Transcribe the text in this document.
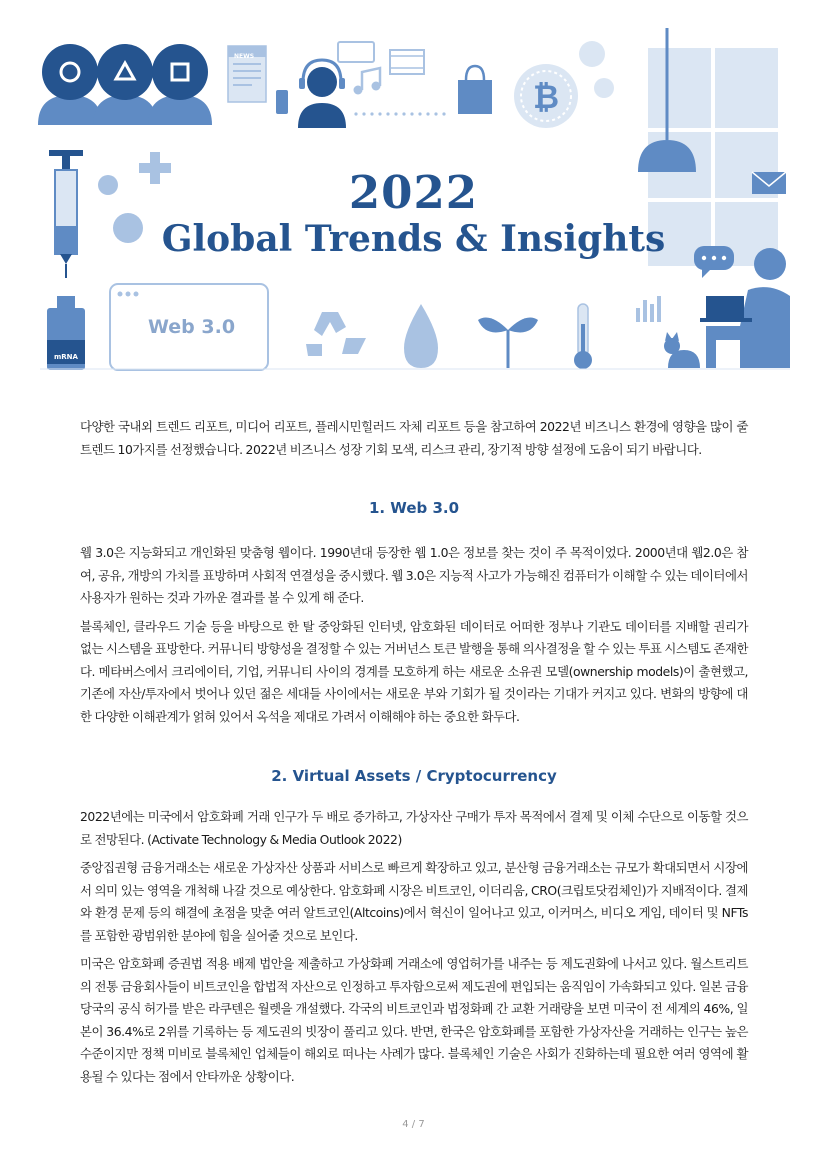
₿
NEWS
2022
Global Trends & Insights
Web 3.0
mRNA

다양한 국내외 트렌드 리포트, 미디어 리포트, 플레시민힐러드 자체 리포트 등을 참고하여 2022년 비즈니스 환경에 영향을 많이 줄 트렌드 10가지를 선정했습니다. 2022년 비즈니스 성장 기회 모색, 리스크 관리, 장기적 방향 설정에 도움이 되기 바랍니다.

1. Web 3.0

웹 3.0은 지능화되고 개인화된 맞춤형 웹이다. 1990년대 등장한 웹 1.0은 정보를 찾는 것이 주 목적이었다. 2000년대 웹2.0은 참여, 공유, 개방의 가치를 표방하며 사회적 연결성을 중시했다. 웹 3.0은 지능적 사고가 가능해진 컴퓨터가 이해할 수 있는 데이터에서 사용자가 원하는 것과 가까운 결과를 볼 수 있게 해 준다.

블록체인, 클라우드 기술 등을 바탕으로 한 탈 중앙화된 인터넷, 암호화된 데이터로 어떠한 정부나 기관도 데이터를 지배할 권리가 없는 시스템을 표방한다. 커뮤니티 방향성을 결정할 수 있는 거버넌스 토큰 발행을 통해 의사결정을 할 수 있는 투표 시스템도 존재한다. 메타버스에서 크리에이터, 기업, 커뮤니티 사이의 경계를 모호하게 하는 새로운 소유권 모델(ownership models)이 출현했고, 기존에 자산/투자에서 벗어나 있던 젊은 세대들 사이에서는 새로운 부와 기회가 될 것이라는 기대가 커지고 있다. 변화의 방향에 대한 다양한 이해관계가 얽혀 있어서 옥석을 제대로 가려서 이해해야 하는 중요한 화두다.

2. Virtual Assets / Cryptocurrency

2022년에는 미국에서 암호화폐 거래 인구가 두 배로 증가하고, 가상자산 구매가 투자 목적에서 결제 및 이체 수단으로 이동할 것으로 전망된다. (Activate Technology & Media Outlook 2022)

중앙집권형 금융거래소는 새로운 가상자산 상품과 서비스로 빠르게 확장하고 있고, 분산형 금융거래소는 규모가 확대되면서 시장에서 의미 있는 영역을 개척해 나갈 것으로 예상한다. 암호화폐 시장은 비트코인, 이더리움, CRO(크립토닷컴체인)가 지배적이다. 결제와 환경 문제 등의 해결에 초점을 맞춘 여러 알트코인(Altcoins)에서 혁신이 일어나고 있고, 이커머스, 비디오 게임, 데이터 및 NFTs를 포함한 광범위한 분야에 힘을 실어줄 것으로 보인다.

미국은 암호화폐 증권법 적용 배제 법안을 제출하고 가상화폐 거래소에 영업허가를 내주는 등 제도권화에 나서고 있다. 월스트리트의 전통 금융회사들이 비트코인을 합법적 자산으로 인정하고 투자함으로써 제도권에 편입되는 움직임이 가속화되고 있다. 일본 금융당국의 공식 허가를 받은 라쿠텐은 월렛을 개설했다. 각국의 비트코인과 법정화폐 간 교환 거래량을 보면 미국이 전 세계의 46%, 일본이 36.4%로 2위를 기록하는 등 제도권의 빗장이 풀리고 있다. 반면, 한국은 암호화폐를 포함한 가상자산을 거래하는 인구는 높은 수준이지만 정책 미비로 블록체인 업체들이 해외로 떠나는 사례가 많다. 블록체인 기술은 사회가 진화하는데 필요한 여러 영역에 활용될 수 있다는 점에서 안타까운 상황이다.

4 / 7
